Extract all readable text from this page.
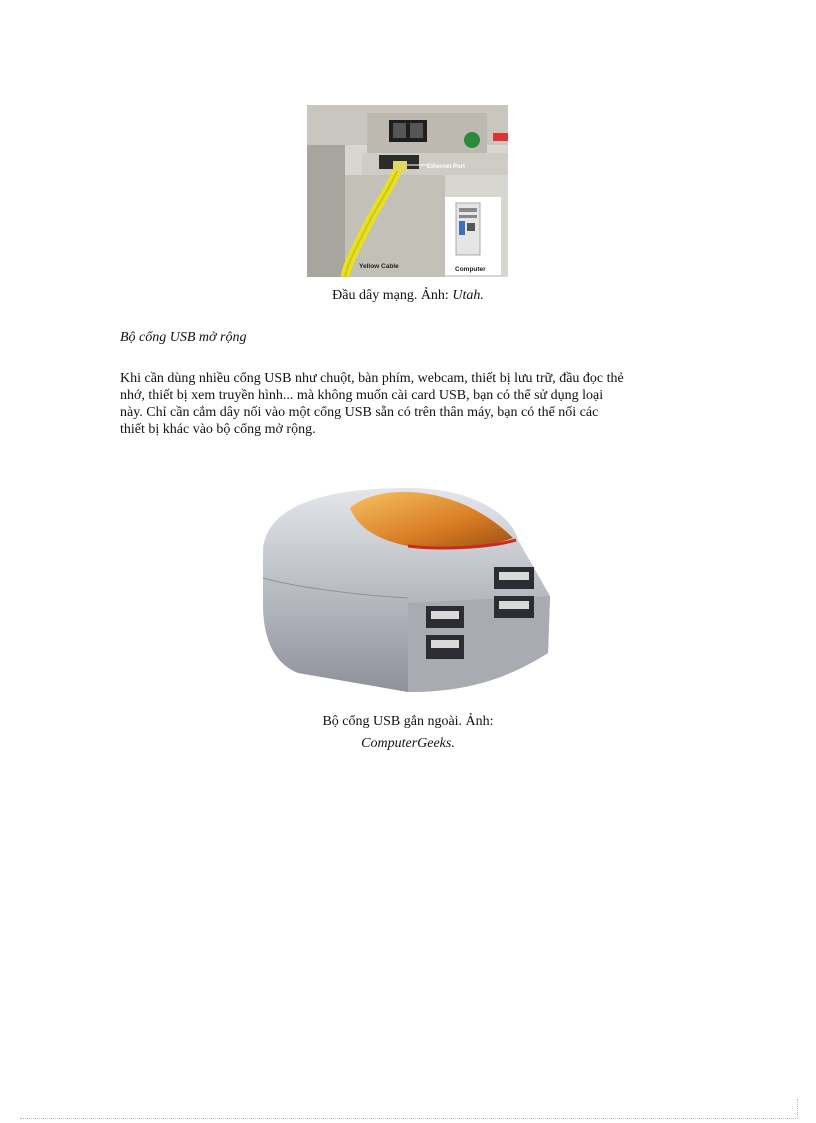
Ethernet Port
Yellow Cable	Computer
Đầu dây mạng. Ảnh: Utah.
Bộ cổng USB mở rộng
Khi cần dùng nhiều cổng USB như chuột, bàn phím, webcam, thiết bị lưu trữ, đầu đọc thẻ
nhớ, thiết bị xem truyền hình... mà không muốn cài card USB, bạn có thể sử dụng loại
này. Chỉ cần cắm dây nối vào một cổng USB sẵn có trên thân máy, bạn có thể nối các
thiết bị khác vào bộ cổng mở rộng.
Bộ cổng USB gắn ngoài. Ảnh:
ComputerGeeks.
